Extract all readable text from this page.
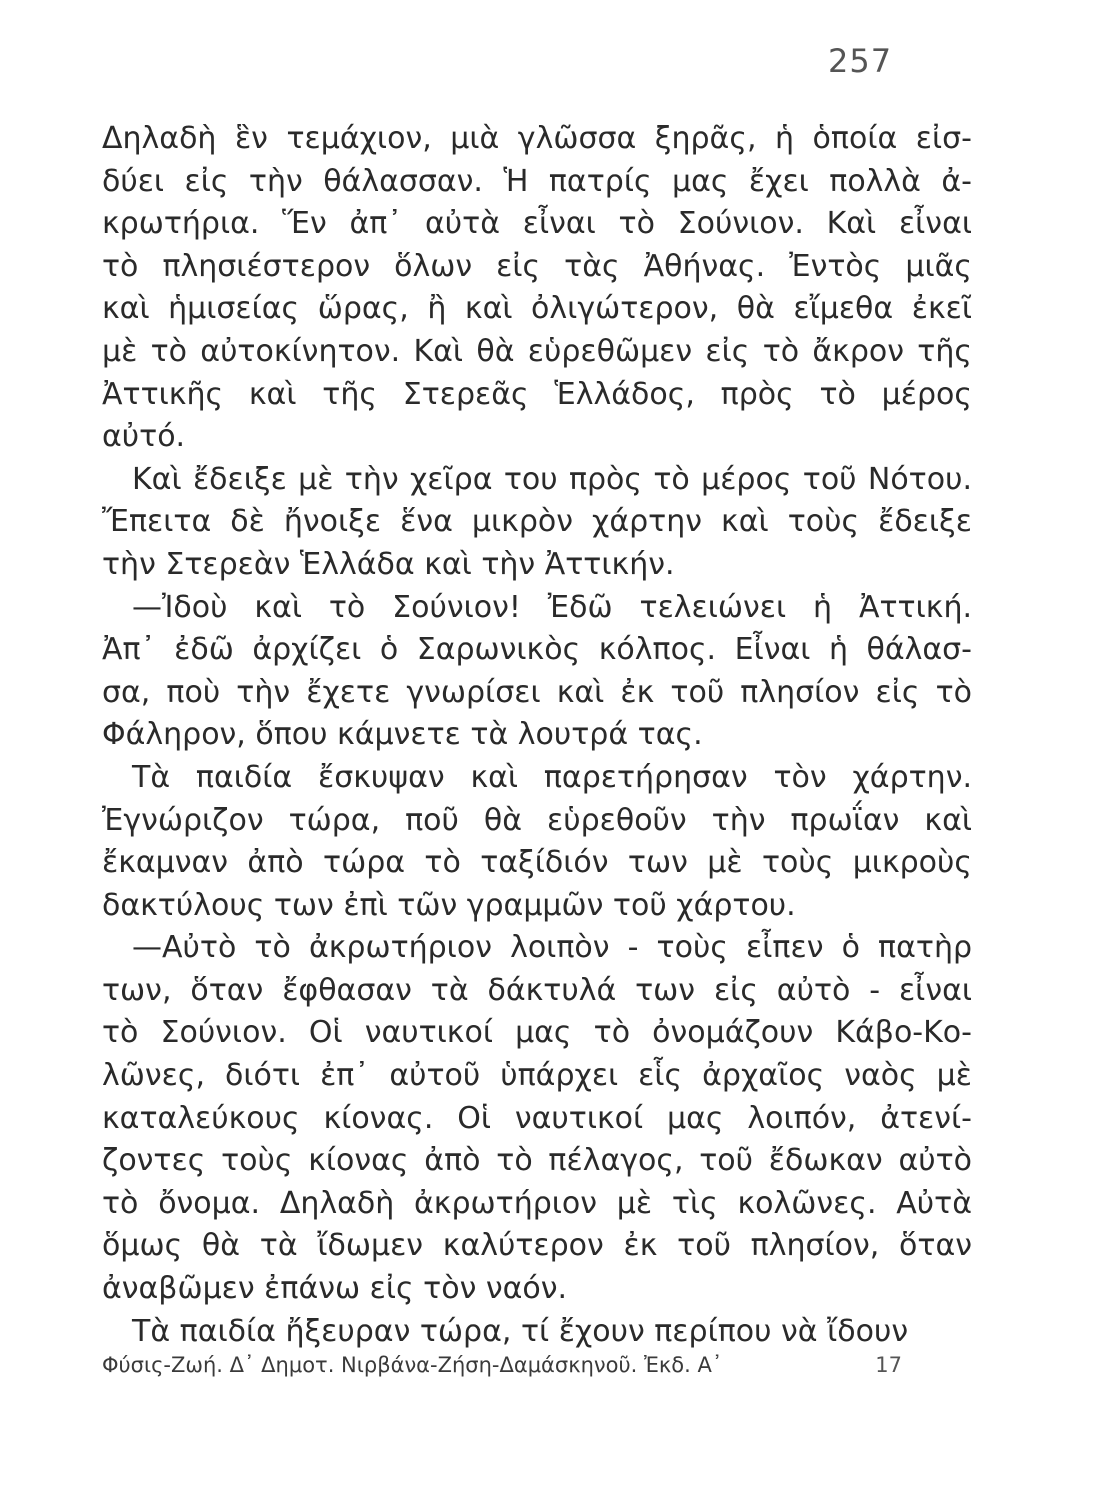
257
Δηλαδὴ ἓν τεμάχιον, μιὰ γλῶσσα ξηρᾶς, ἡ ὁποία εἰσ-
δύει εἰς τὴν θάλασσαν. Ἡ πατρίς μας ἔχει πολλὰ ἀ-
κρωτήρια. Ἕν ἀπ᾽ αὐτὰ εἶναι τὸ Σούνιον. Καὶ εἶναι
τὸ πλησιέστερον ὅλων εἰς τὰς Ἀθήνας. Ἐντὸς μιᾶς
καὶ ἡμισείας ὥρας, ἢ καὶ ὀλιγώτερον, θὰ εἴμεθα ἐκεῖ
μὲ τὸ αὐτοκίνητον. Καὶ θὰ εὑρεθῶμεν εἰς τὸ ἄκρον τῆς
Ἀττικῆς καὶ τῆς Στερεᾶς Ἑλλάδος, πρὸς τὸ μέρος
αὐτό.
Καὶ ἔδειξε μὲ τὴν χεῖρα του πρὸς τὸ μέρος τοῦ Νότου.
Ἔπειτα δὲ ἤνοιξε ἕνα μικρὸν χάρτην καὶ τοὺς ἔδειξε
τὴν Στερεὰν Ἑλλάδα καὶ τὴν Ἀττικήν.
—Ἰδοὺ καὶ τὸ Σούνιον! Ἐδῶ τελειώνει ἡ Ἀττική.
Ἀπ᾽ ἐδῶ ἀρχίζει ὁ Σαρωνικὸς κόλπος. Εἶναι ἡ θάλασ-
σα, ποὺ τὴν ἔχετε γνωρίσει καὶ ἐκ τοῦ πλησίον εἰς τὸ
Φάληρον, ὅπου κάμνετε τὰ λουτρά τας.
Τὰ παιδία ἔσκυψαν καὶ παρετήρησαν τὸν χάρτην.
Ἐγνώριζον τώρα, ποῦ θὰ εὑρεθοῦν τὴν πρωΐαν καὶ
ἔκαμναν ἀπὸ τώρα τὸ ταξίδιόν των μὲ τοὺς μικροὺς
δακτύλους των ἐπὶ τῶν γραμμῶν τοῦ χάρτου.
—Αὐτὸ τὸ ἀκρωτήριον λοιπὸν - τοὺς εἶπεν ὁ πατὴρ
των, ὅταν ἔφθασαν τὰ δάκτυλά των εἰς αὐτὸ - εἶναι
τὸ Σούνιον. Οἱ ναυτικοί μας τὸ ὀνομάζουν Κάβο-Κο-
λῶνες, διότι ἐπ᾽ αὐτοῦ ὑπάρχει εἷς ἀρχαῖος ναὸς μὲ
καταλεύκους κίονας. Οἱ ναυτικοί μας λοιπόν, ἀτενί-
ζοντες τοὺς κίονας ἀπὸ τὸ πέλαγος, τοῦ ἔδωκαν αὐτὸ
τὸ ὄνομα. Δηλαδὴ ἀκρωτήριον μὲ τὶς κολῶνες. Αὐτὰ
ὅμως θὰ τὰ ἴδωμεν καλύτερον ἐκ τοῦ πλησίον, ὅταν
ἀναβῶμεν ἐπάνω εἰς τὸν ναόν.
Τὰ παιδία ἤξευραν τώρα, τί ἔχουν περίπου νὰ ἴδουν
Φύσις-Ζωή. Δ᾽ Δημοτ. Νιρβάνα-Ζήση-Δαμάσκηνοῦ. Ἐκδ. Α᾽	17
